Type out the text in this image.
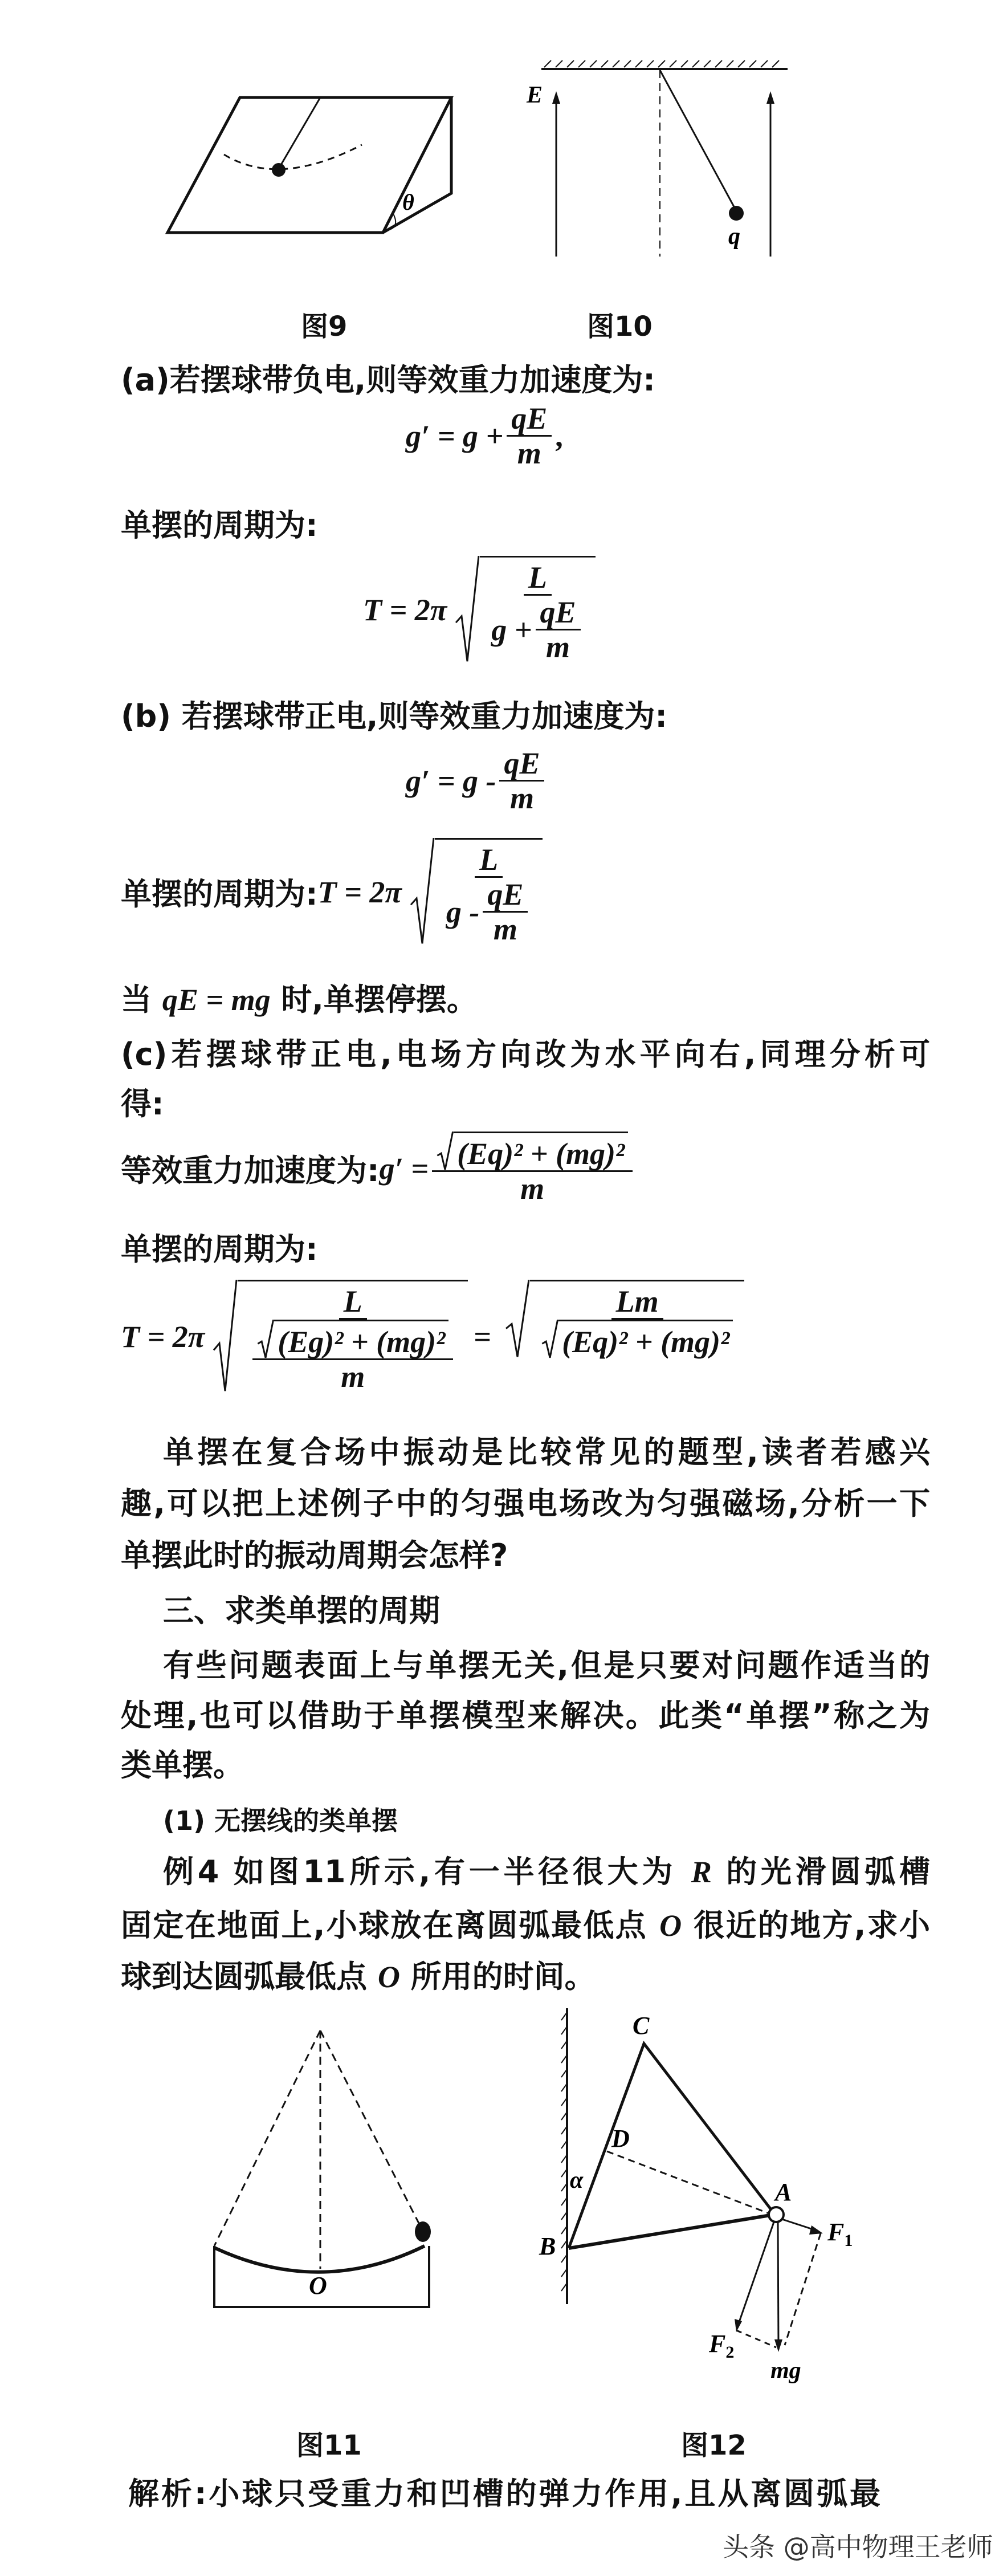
θ
E
q
图9	图10
(a)若摆球带负电,则等效重力加速度为:
$g' = g + \frac{qE}{m}$ ,
单摆的周期为:
$T = 2\pi \frac{L}{g + \frac{qE}{m}}$
(b) 若摆球带正电,则等效重力加速度为:
$g' = g - \frac{qE}{m}$
单摆的周期为: $T = 2\pi \frac{L}{g - \frac{qE}{m}}$
当 qE = mg 时,单摆停摆。
(c)若摆球带正电,电场方向改为水平向右,同理分析可
得:
等效重力加速度为: $g' = \frac{\text{(Eq)² + (mg)²}}{m}$
单摆的周期为:
$T = 2\pi \frac{L}{\frac{\text{(Eg)² + (mg)²}}{m}} = \frac{Lm}{\text{(Eq)² + (mg)²}}$
单摆在复合场中振动是比较常见的题型,读者若感兴
趣,可以把上述例子中的匀强电场改为匀强磁场,分析一下
单摆此时的振动周期会怎样?
三、求类单摆的周期
有些问题表面上与单摆无关,但是只要对问题作适当的
处理,也可以借助于单摆模型来解决。此类“单摆”称之为
类单摆。
(1) 无摆线的类单摆
例4 如图11所示,有一半径很大为 R 的光滑圆弧槽
固定在地面上,小球放在离圆弧最低点 O 很近的地方,求小
球到达圆弧最低点 O 所用的时间。
O
C
D
α	A
B
$F_1$
$F_2$
mg
图11	图12
解析:小球只受重力和凹槽的弹力作用,且从离圆弧最
头条 @高中物理王老师
